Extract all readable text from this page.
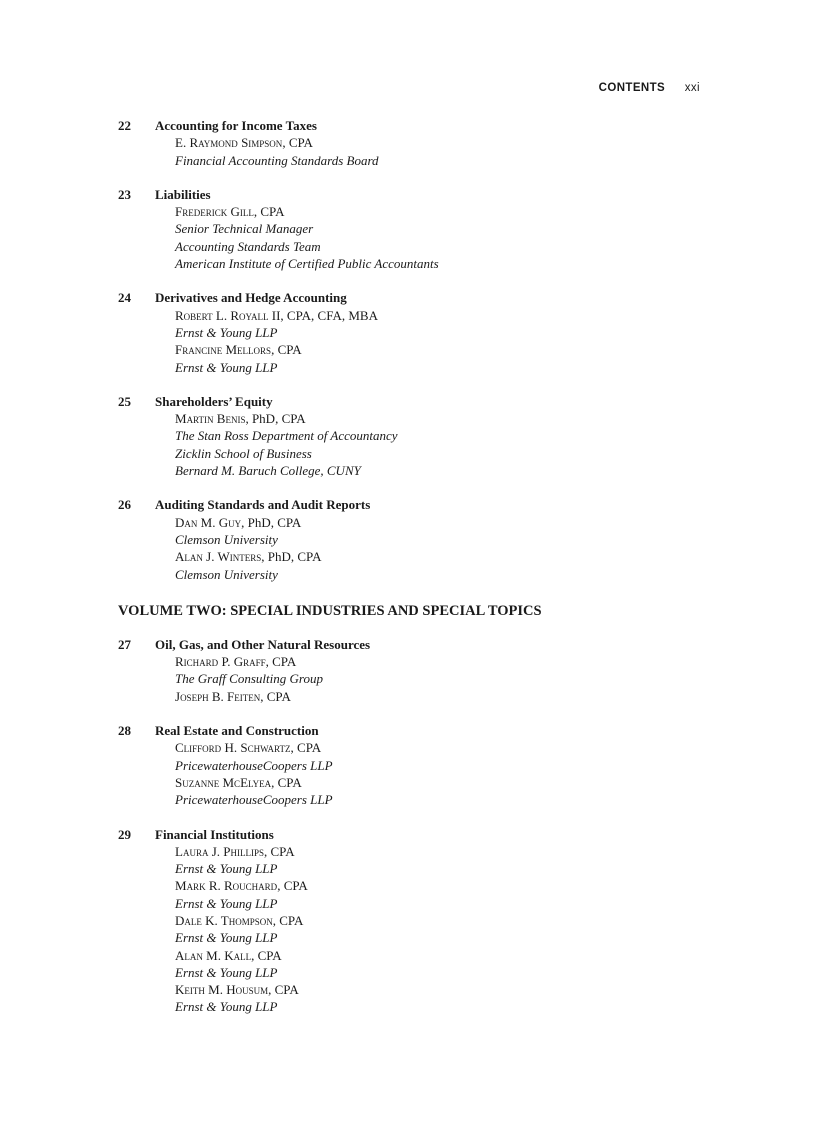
CONTENTS xxi
22	Accounting for Income Taxes
E. Raymond Simpson, CPA
Financial Accounting Standards Board
23	Liabilities
Frederick Gill, CPA
Senior Technical Manager
Accounting Standards Team
American Institute of Certified Public Accountants
24	Derivatives and Hedge Accounting
Robert L. Royall II, CPA, CFA, MBA
Ernst & Young LLP
Francine Mellors, CPA
Ernst & Young LLP
25	Shareholders’ Equity
Martin Benis, PhD, CPA
The Stan Ross Department of Accountancy
Zicklin School of Business
Bernard M. Baruch College, CUNY
26	Auditing Standards and Audit Reports
Dan M. Guy, PhD, CPA
Clemson University
Alan J. Winters, PhD, CPA
Clemson University
VOLUME TWO: SPECIAL INDUSTRIES AND SPECIAL TOPICS
27	Oil, Gas, and Other Natural Resources
Richard P. Graff, CPA
The Graff Consulting Group
Joseph B. Feiten, CPA
28	Real Estate and Construction
Clifford H. Schwartz, CPA
PricewaterhouseCoopers LLP
Suzanne McElyea, CPA
PricewaterhouseCoopers LLP
29	Financial Institutions
Laura J. Phillips, CPA
Ernst & Young LLP
Mark R. Rouchard, CPA
Ernst & Young LLP
Dale K. Thompson, CPA
Ernst & Young LLP
Alan M. Kall, CPA
Ernst & Young LLP
Keith M. Housum, CPA
Ernst & Young LLP
